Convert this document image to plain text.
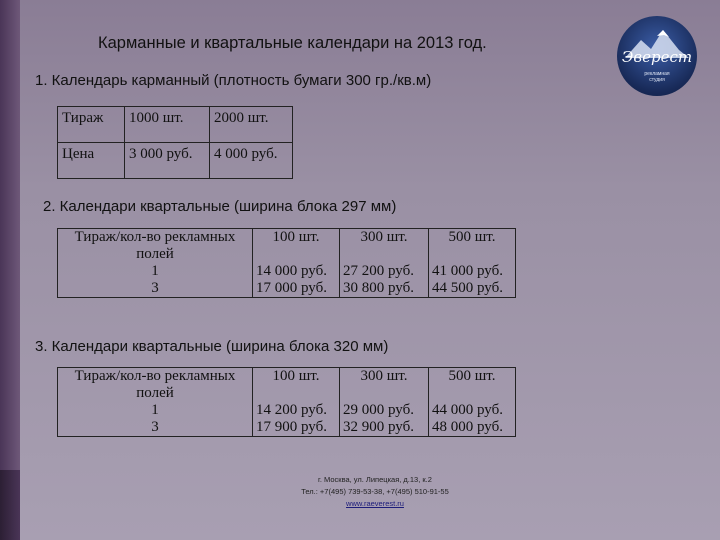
Карманные и квартальные календари на 2013 год.
Эверест
рекламная
студия
1. Календарь карманный (плотность бумаги 300 гр./кв.м)
Тираж	1000 шт.	2000 шт.
Цена	3 000 руб.	4 000 руб.
2. Календари квартальные (ширина блока 297 мм)
Тираж/кол-во рекламных	100 шт.	300 шт.	500 шт.
полей			
1	14 000 руб.	27 200 руб.	41 000 руб.
3	17 000 руб.	30 800 руб.	44 500 руб.
3. Календари квартальные (ширина блока 320 мм)
Тираж/кол-во рекламных	100 шт.	300 шт.	500 шт.
полей			
1	14 200 руб.	29 000 руб.	44 000 руб.
3	17 900 руб.	32 900 руб.	48 000 руб.
г. Москва, ул. Липецкая, д.13, к.2
Тел.: +7(495) 739-53-38, +7(495) 510-91-55
www.raeverest.ru
